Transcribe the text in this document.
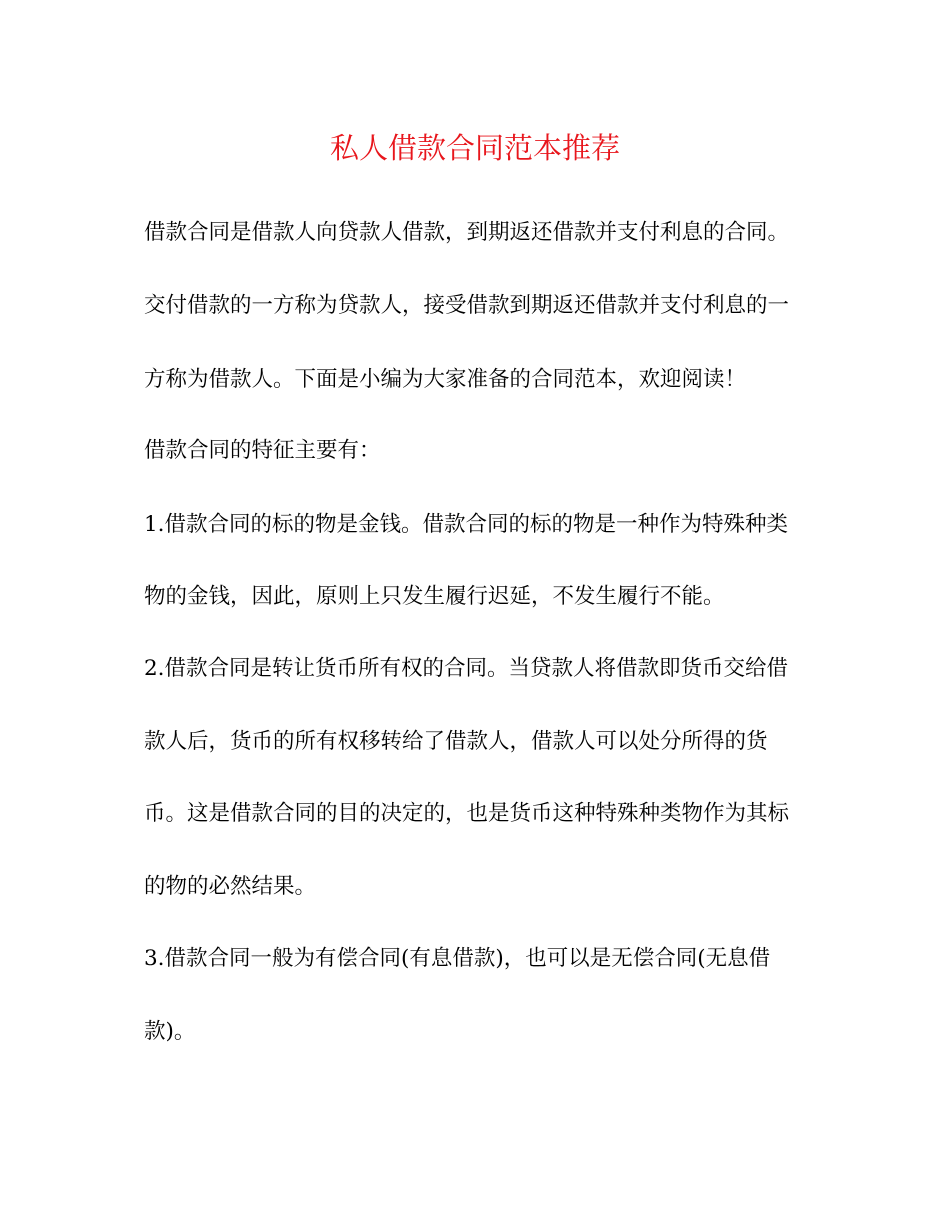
私人借款合同范本推荐
借款合同是借款人向贷款人借款，到期返还借款并支付利息的合同。
交付借款的一方称为贷款人，接受借款到期返还借款并支付利息的一
方称为借款人。下面是小编为大家准备的合同范本，欢迎阅读！
借款合同的特征主要有：
1.借款合同的标的物是金钱。借款合同的标的物是一种作为特殊种类
物的金钱，因此，原则上只发生履行迟延，不发生履行不能。
2.借款合同是转让货币所有权的合同。当贷款人将借款即货币交给借
款人后，货币的所有权移转给了借款人，借款人可以处分所得的货
币。这是借款合同的目的决定的，也是货币这种特殊种类物作为其标
的物的必然结果。
3.借款合同一般为有偿合同(有息借款)，也可以是无偿合同(无息借
款)。
